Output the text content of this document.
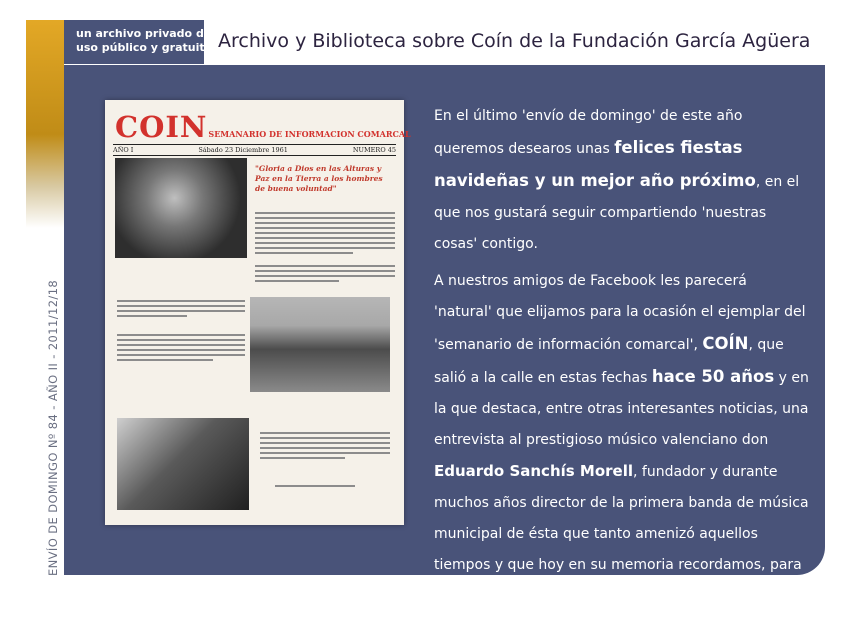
un archivo privado de
uso público y gratuito Archivo y Biblioteca sobre Coín de la Fundación García Agüera
ENVÍO DE DOMINGO Nº 84 - AÑO II - 2011/12/18
COINSEMANARIO DE INFORMACION COMARCAL
AÑO I	Sábado 23 Diciembre 1961	NUMERO 45
"Gloria a Dios en las Alturas y Paz en la Tierra a los hombres de buena voluntad"

En el último 'envío de domingo' de este año queremos desearos unas felices fiestas navideñas y un mejor año próximo, en el que nos gustará seguir compartiendo 'nuestras cosas' contigo.

A nuestros amigos de Facebook les parecerá 'natural' que elijamos para la ocasión el ejemplar del 'semanario de información comarcal', COÍN, que salió a la calle en estas fechas hace 50 años y en la que destaca, entre otras interesantes noticias, una entrevista al prestigioso músico valenciano don Eduardo Sanchís Morell, fundador y durante muchos años director de la primera banda de música municipal de ésta que tanto amenizó aquellos tiempos y que hoy en su memoria recordamos, para despedir el año a bombo y platillo…
